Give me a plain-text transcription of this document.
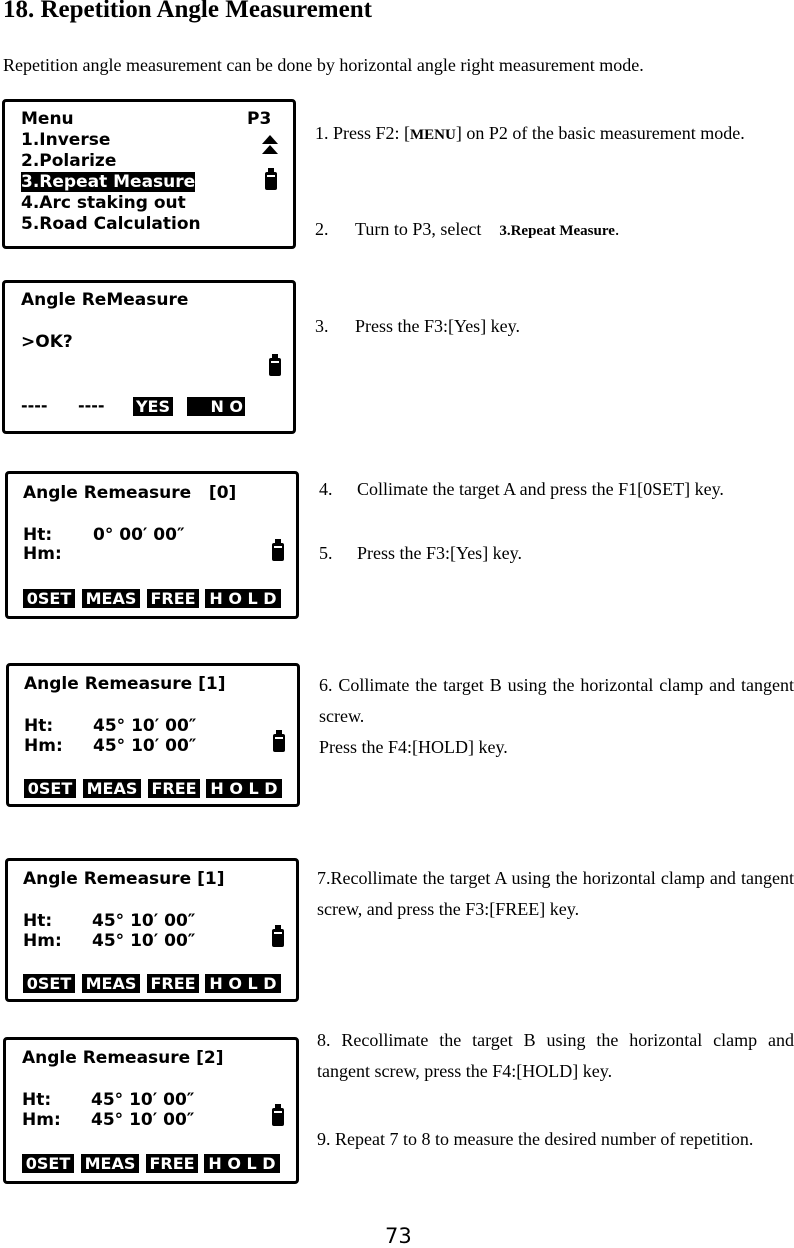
18. Repetition Angle Measurement
Repetition angle measurement can be done by horizontal angle right measurement mode.
Menu	P3
1.Inverse
2.Polarize
3.Repeat Measure
4.Arc staking out
5.Road Calculation
1. Press F2: [MENU] on P2 of the basic measurement mode.
2. Turn to P3, select 3.Repeat Measure.
Angle ReMeasure
>OK?
---- ---- YES	N O
3. Press the F3:[Yes] key.
Angle Remeasure   [0]
Ht: 0° 00′ 00″
Hm:
0SET MEAS FREE H O L D
4. Collimate the target A and press the F1[0SET] key.
5. Press the F3:[Yes] key.
Angle Remeasure [1]
Ht: 45° 10′ 00″
Hm: 45° 10′ 00″
0SET MEAS FREE H O L D
6. Collimate the target B using the horizontal clamp and tangent screw.
Press the F4:[HOLD] key.
Angle Remeasure [1]
Ht: 45° 10′ 00″
Hm: 45° 10′ 00″
0SET MEAS FREE H O L D
7.Recollimate the target A using the horizontal clamp and tangent screw, and press the F3:[FREE] key.
Angle Remeasure [2]
Ht: 45° 10′ 00″
Hm: 45° 10′ 00″
0SET MEAS FREE H O L D
8. Recollimate the target B using the horizontal clamp and tangent screw, press the F4:[HOLD] key.
9. Repeat 7 to 8 to measure the desired number of repetition.
73
